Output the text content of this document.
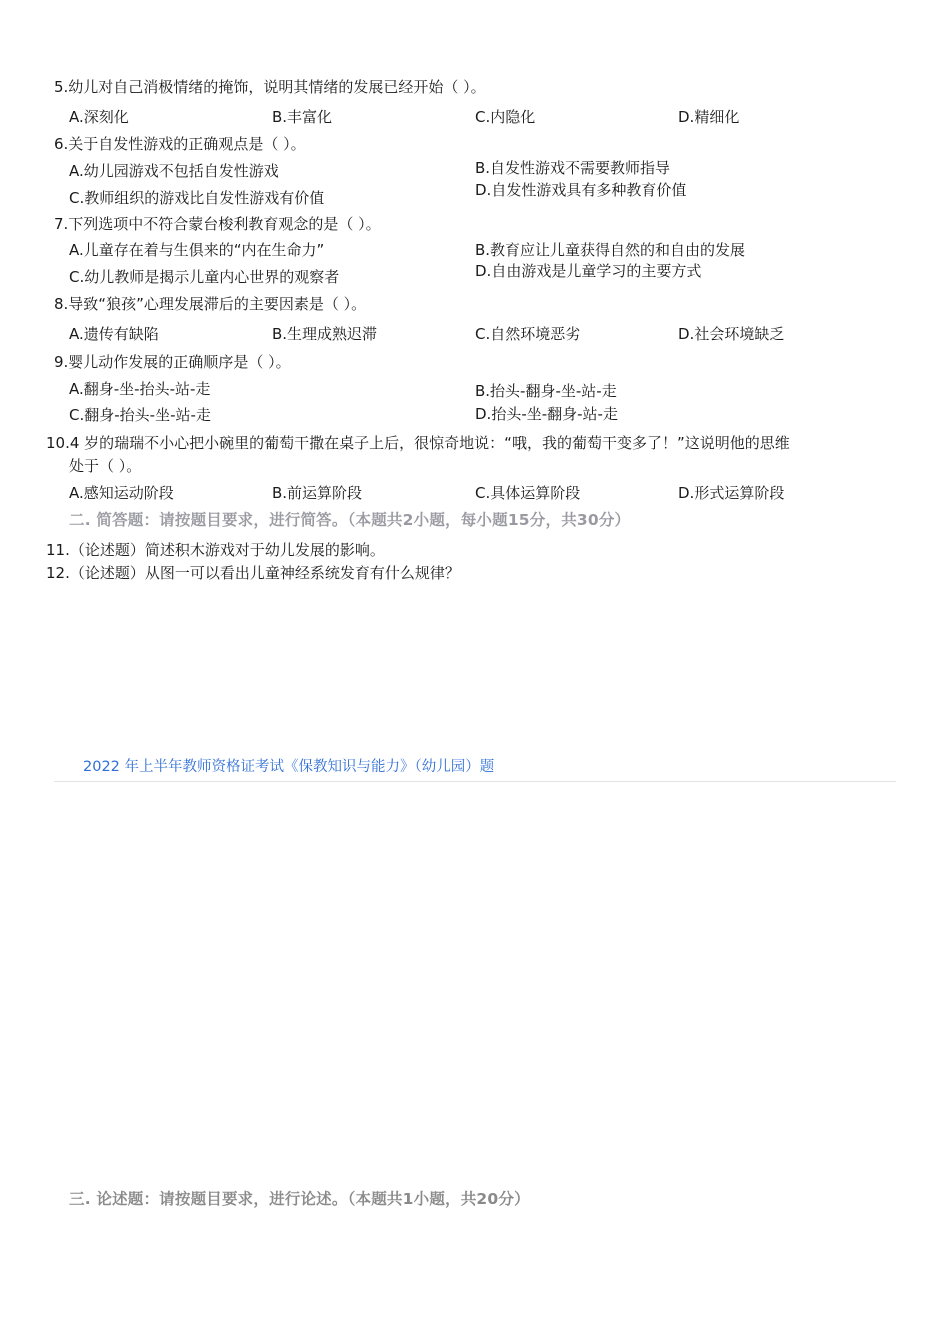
5.幼儿对自己消极情绪的掩饰，说明其情绪的发展已经开始（ ）。
A.深刻化	B.丰富化	C.内隐化	D.精细化
6.关于自发性游戏的正确观点是（ ）。
A.幼儿园游戏不包括自发性游戏	B.自发性游戏不需要教师指导
C.教师组织的游戏比自发性游戏有价值	D.自发性游戏具有多种教育价值
7.下列选项中不符合蒙台梭利教育观念的是（ ）。
A.儿童存在着与生俱来的“内在生命力”	B.教育应让儿童获得自然的和自由的发展
C.幼儿教师是揭示儿童内心世界的观察者	D.自由游戏是儿童学习的主要方式
8.导致“狼孩”心理发展滞后的主要因素是（ ）。
A.遗传有缺陷	B.生理成熟迟滞	C.自然环境恶劣	D.社会环境缺乏
9.婴儿动作发展的正确顺序是（ ）。
A.翻身-坐-抬头-站-走	B.抬头-翻身-坐-站-走
C.翻身-抬头-坐-站-走	D.抬头-坐-翻身-站-走
10.4 岁的瑞瑞不小心把小碗里的葡萄干撒在桌子上后，很惊奇地说：“哦，我的葡萄干变多了！”这说明他的思维
处于（ ）。
A.感知运动阶段	B.前运算阶段	C.具体运算阶段	D.形式运算阶段
二. 简答题：请按题目要求，进行简答。（本题共2小题，每小题15分，共30分）
11.（论述题）简述积木游戏对于幼儿发展的影响。
12.（论述题）从图一可以看出儿童神经系统发育有什么规律？
2022 年上半年教师资格证考试《保教知识与能力》（幼儿园）题
三. 论述题：请按题目要求，进行论述。（本题共1小题，共20分）
